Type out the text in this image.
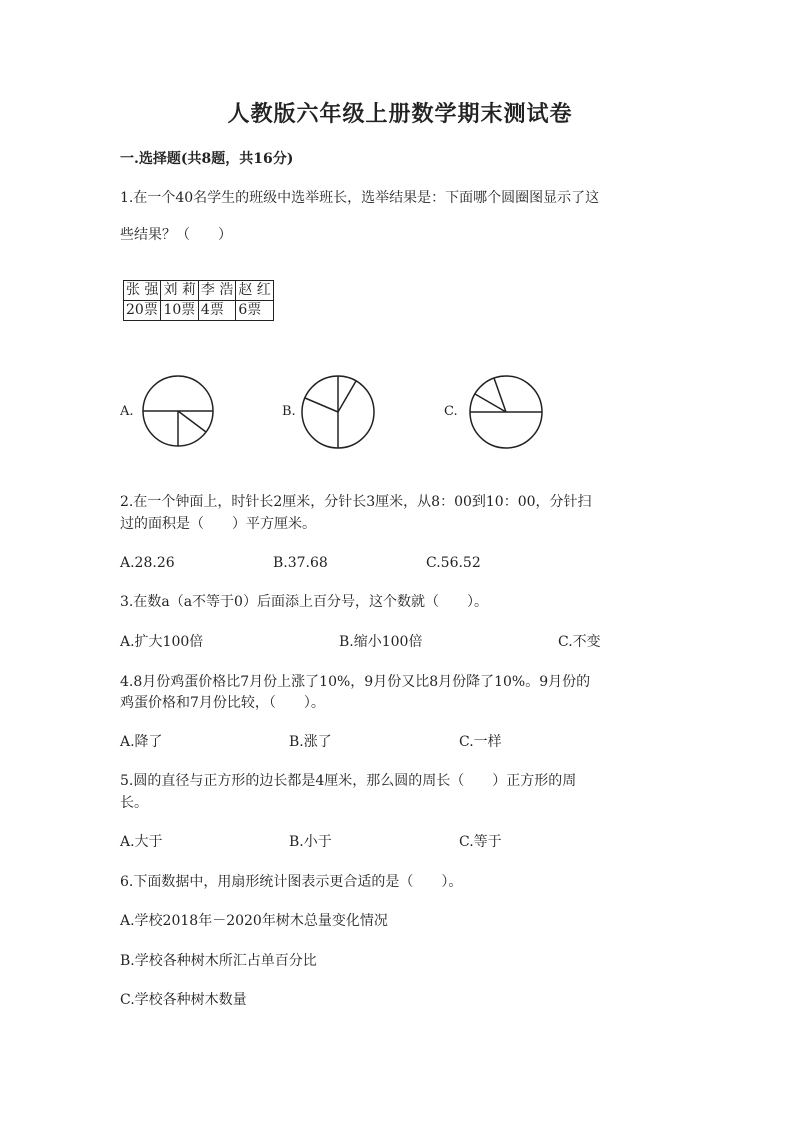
人教版六年级上册数学期末测试卷
一.选择题(共8题，共16分)
1.在一个40名学生的班级中选举班长，选举结果是：下面哪个圆圈图显示了这
些结果？（　　）
张 强	刘 莉	李 浩	赵 红
20票	10票	4票	6票
A.	B.	C.
2.在一个钟面上，时针长2厘米，分针长3厘米，从8：00到10：00，分针扫
过的面积是（　　）平方厘米。
A.28.26	B.37.68	C.56.52
3.在数a（a不等于0）后面添上百分号，这个数就（　　）。
A.扩大100倍	B.缩小100倍	C.不变
4.8月份鸡蛋价格比7月份上涨了10%，9月份又比8月份降了10%。9月份的
鸡蛋价格和7月份比较，（　　）。
A.降了	B.涨了	C.一样
5.圆的直径与正方形的边长都是4厘米，那么圆的周长（　　）正方形的周
长。
A.大于	B.小于	C.等于
6.下面数据中，用扇形统计图表示更合适的是（　　）。
A.学校2018年－2020年树木总量变化情况
B.学校各种树木所汇占单百分比
C.学校各种树木数量
